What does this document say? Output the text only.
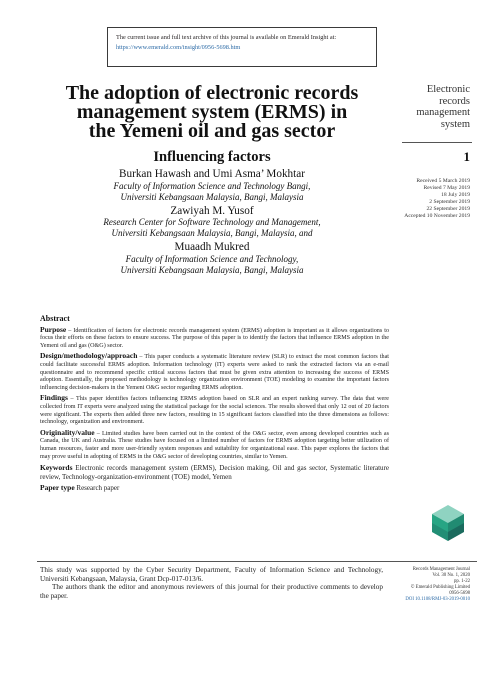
The current issue and full text archive of this journal is available on Emerald Insight at:
https://www.emerald.com/insight/0956-5698.htm
Electronic
records
management
system
1
Received 5 March 2019
Revised 7 May 2019
18 July 2019
2 September 2019
22 September 2019
Accepted 10 November 2019
The adoption of electronic records
management system (ERMS) in
the Yemeni oil and gas sector
Influencing factors
Burkan Hawash and Umi Asma’ Mokhtar
Faculty of Information Science and Technology Bangi,
Universiti Kebangsaan Malaysia, Bangi, Malaysia
Zawiyah M. Yusof
Research Center for Software Technology and Management,
Universiti Kebangsaan Malaysia, Bangi, Malaysia, and
Muaadh Mukred
Faculty of Information Science and Technology,
Universiti Kebangsaan Malaysia, Bangi, Malaysia
Abstract

Purpose – Identification of factors for electronic records management system (ERMS) adoption is important as it allows organizations to focus their efforts on these factors to ensure success. The purpose of this paper is to identify the factors that influence ERMS adoption in the Yemeni oil and gas (O&G) sector.

Design/methodology/approach – This paper conducts a systematic literature review (SLR) to extract the most common factors that could facilitate successful ERMS adoption. Information technology (IT) experts were asked to rank the extracted factors via an e-mail questionnaire and to recommend specific critical success factors that must be given extra attention to increasing the success of ERMS adoption. Essentially, the proposed methodology is technology organization environment (TOE) modeling to examine the important factors influencing decision-makers in the Yemeni O&G sector regarding ERMS adoption.

Findings – This paper identifies factors influencing ERMS adoption based on SLR and an expert ranking survey. The data that were collected from IT experts were analyzed using the statistical package for the social sciences. The results showed that only 12 out of 20 factors were significant. The experts then added three new factors, resulting in 15 significant factors classified into the three dimensions as follows: technology, organization and environment.

Originality/value – Limited studies have been carried out in the context of the O&G sector, even among developed countries such as Canada, the UK and Australia. These studies have focused on a limited number of factors for ERMS adoption targeting better utilization of human resources, faster and more user-friendly system responses and suitability for organizational ease. This paper explores the factors that may prove useful in adopting of ERMS in the O&G sector of developing countries, similar to Yemen.

Keywords Electronic records management system (ERMS), Decision making, Oil and gas sector, Systematic literature review, Technology-organization-environment (TOE) model, Yemen
Paper type Research paper

This study was supported by the Cyber Security Department, Faculty of Information Science and Technology, Universiti Kebangsaan, Malaysia, Grant Dcp-017-013/6.

The authors thank the editor and anonymous reviewers of this journal for their productive comments to develop the paper.

Records Management Journal
Vol. 30 No. 1, 2020
pp. 1-22
© Emerald Publishing Limited
0956-5698
DOI 10.1108/RMJ-03-2019-0010
